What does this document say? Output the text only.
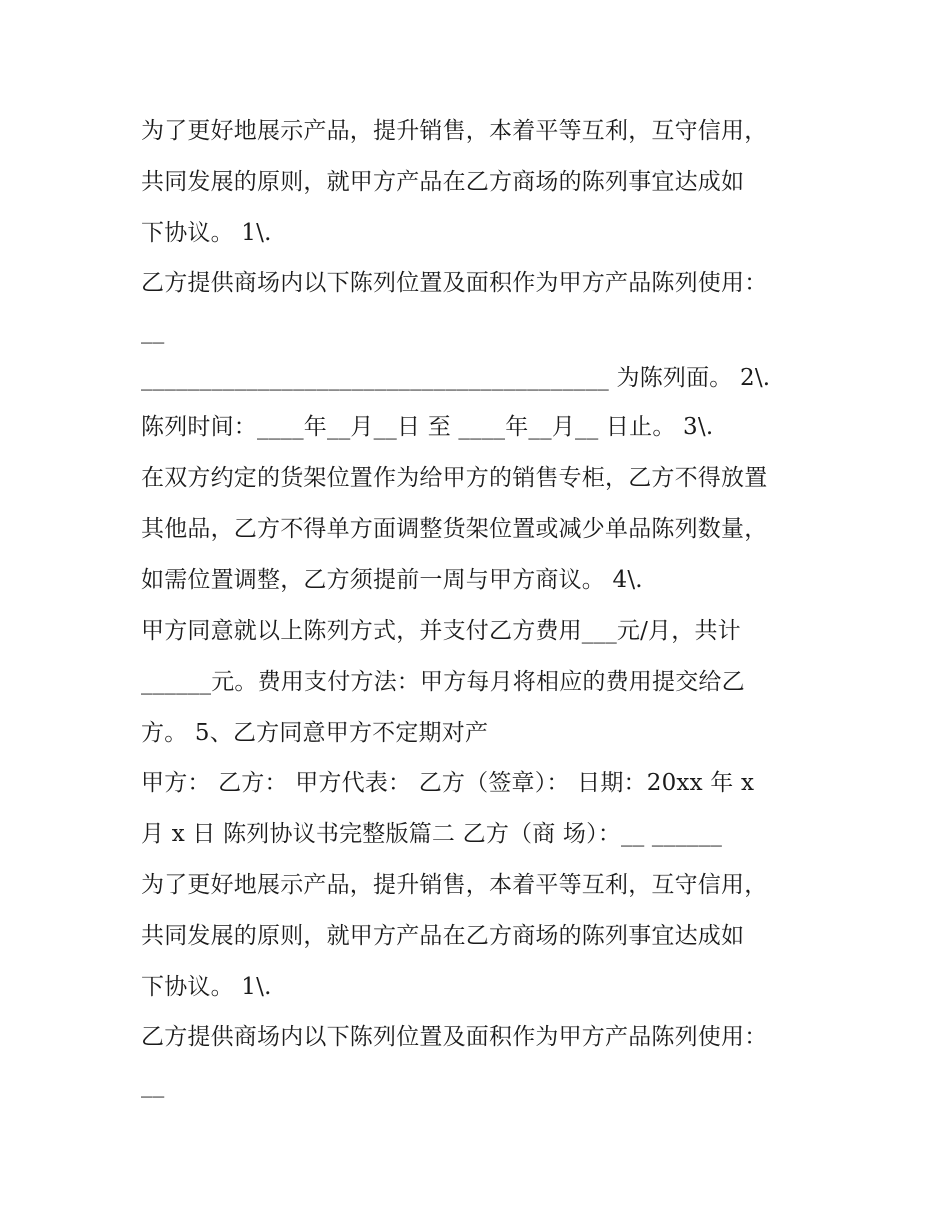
为了更好地展示产品，提升销售，本着平等互利，互守信用，

共同发展的原则，就甲方产品在乙方商场的陈列事宜达成如

下协议。 1\.

乙方提供商场内以下陈列位置及面积作为甲方产品陈列使用：

__

________________________________________ 为陈列面。 2\.

陈列时间：____年__月__日 至 ____年__月__ 日止。 3\.

在双方约定的货架位置作为给甲方的销售专柜，乙方不得放置

其他品，乙方不得单方面调整货架位置或减少单品陈列数量，

如需位置调整，乙方须提前一周与甲方商议。 4\.

甲方同意就以上陈列方式，并支付乙方费用___元/月，共计

______元。费用支付方法：甲方每月将相应的费用提交给乙

方。 5、乙方同意甲方不定期对产

甲方： 乙方： 甲方代表： 乙方（签章）： 日期：20xx 年 x

月 x 日 陈列协议书完整版篇二 乙方（商 场）：__ ______

为了更好地展示产品，提升销售，本着平等互利，互守信用，

共同发展的原则，就甲方产品在乙方商场的陈列事宜达成如

下协议。 1\.

乙方提供商场内以下陈列位置及面积作为甲方产品陈列使用：

__
